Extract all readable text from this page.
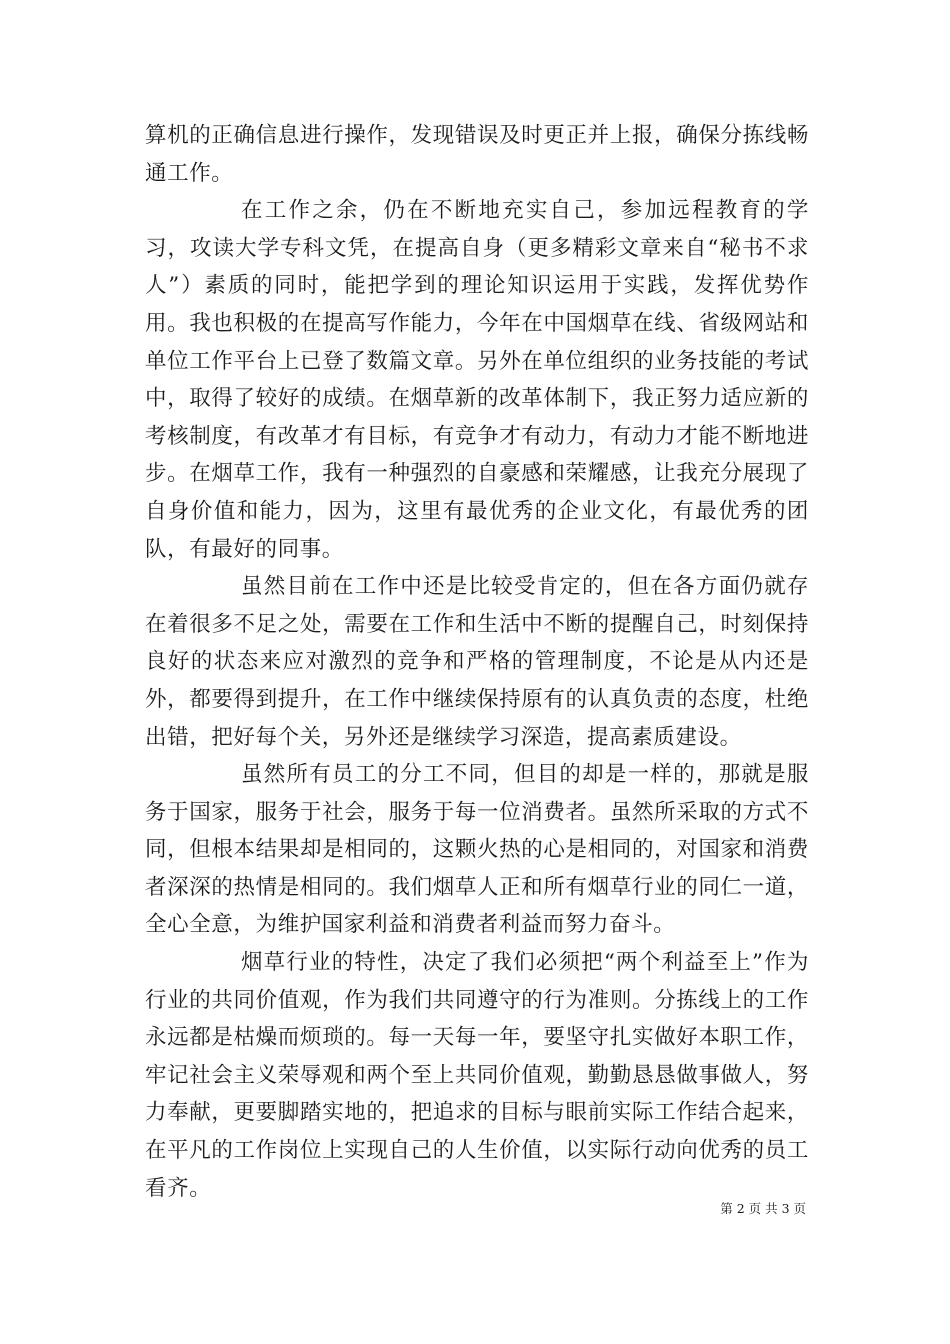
算机的正确信息进行操作，发现错误及时更正并上报，确保分拣线畅通工作。

在工作之余，仍在不断地充实自己，参加远程教育的学习，攻读大学专科文凭，在提高自身（更多精彩文章来自“秘书不求人”）素质的同时，能把学到的理论知识运用于实践，发挥优势作用。我也积极的在提高写作能力，今年在中国烟草在线、省级网站和单位工作平台上已登了数篇文章。另外在单位组织的业务技能的考试中，取得了较好的成绩。在烟草新的改革体制下，我正努力适应新的考核制度，有改革才有目标，有竞争才有动力，有动力才能不断地进步。在烟草工作，我有一种强烈的自豪感和荣耀感，让我充分展现了自身价值和能力，因为，这里有最优秀的企业文化，有最优秀的团队，有最好的同事。

虽然目前在工作中还是比较受肯定的，但在各方面仍就存在着很多不足之处，需要在工作和生活中不断的提醒自己，时刻保持良好的状态来应对激烈的竞争和严格的管理制度，不论是从内还是外，都要得到提升，在工作中继续保持原有的认真负责的态度，杜绝出错，把好每个关，另外还是继续学习深造，提高素质建设。

虽然所有员工的分工不同，但目的却是一样的，那就是服务于国家，服务于社会，服务于每一位消费者。虽然所采取的方式不同，但根本结果却是相同的，这颗火热的心是相同的，对国家和消费者深深的热情是相同的。我们烟草人正和所有烟草行业的同仁一道，全心全意，为维护国家利益和消费者利益而努力奋斗。

烟草行业的特性，决定了我们必须把“两个利益至上”作为行业的共同价值观，作为我们共同遵守的行为准则。分拣线上的工作永远都是枯燥而烦琐的。每一天每一年，要坚守扎实做好本职工作，牢记社会主义荣辱观和两个至上共同价值观，勤勤恳恳做事做人，努力奉献，更要脚踏实地的，把追求的目标与眼前实际工作结合起来，在平凡的工作岗位上实现自己的人生价值，以实际行动向优秀的员工看齐。

第 2 页 共 3 页
